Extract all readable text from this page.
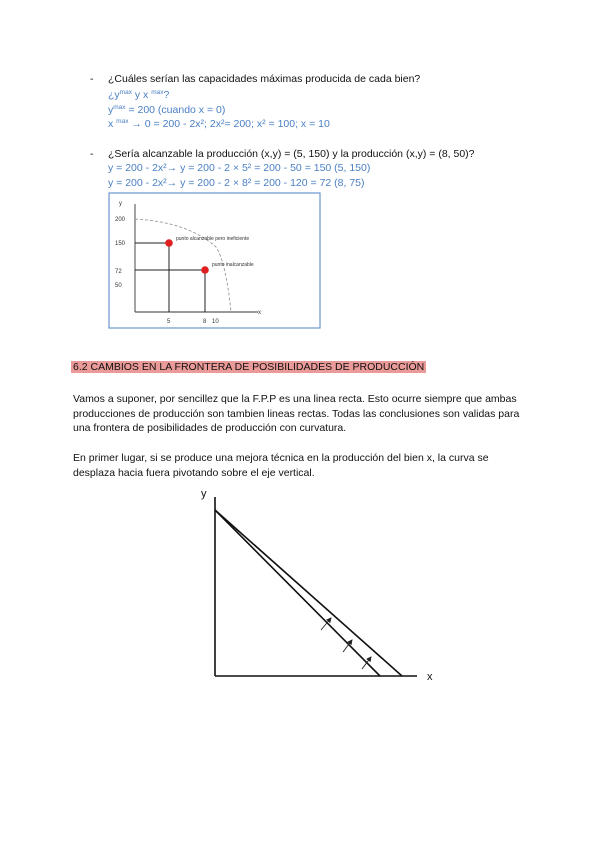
- ¿Cuáles serían las capacidades máximas producida de cada bien?
¿$y^{max}$ y x $^{max}$?
$y^{max} = 200$ (cuando x = 0)
x $^{max}$ → 0 = 200 - 2x²; 2x²= 200; x² = 100; x = 10
- ¿Sería alcanzable la producción (x,y) = (5, 150) y la producción (x,y) = (8, 50)?
y = 200 - 2x²→ y = 200 - 2 × 5² = 200 - 50 = 150 (5, 150)
y = 200 - 2x²→ y = 200 - 2 × 8² = 200 - 120 = 72 (8, 75)
y
x
200
150
72
50
5	8 10
punto alcanzable pero ineficiente
punto inalcanzable
6.2 CAMBIOS EN LA FRONTERA DE POSIBILIDADES DE PRODUCCIÓN
Vamos a suponer, por sencillez que la F.P.P es una linea recta. Esto ocurre siempre que ambas producciones de producción son tambien lineas rectas. Todas las conclusiones son validas para una frontera de posibilidades de producción con curvatura.
En primer lugar, si se produce una mejora técnica en la producción del bien x, la curva se desplaza hacia fuera pivotando sobre el eje vertical.
y
x
